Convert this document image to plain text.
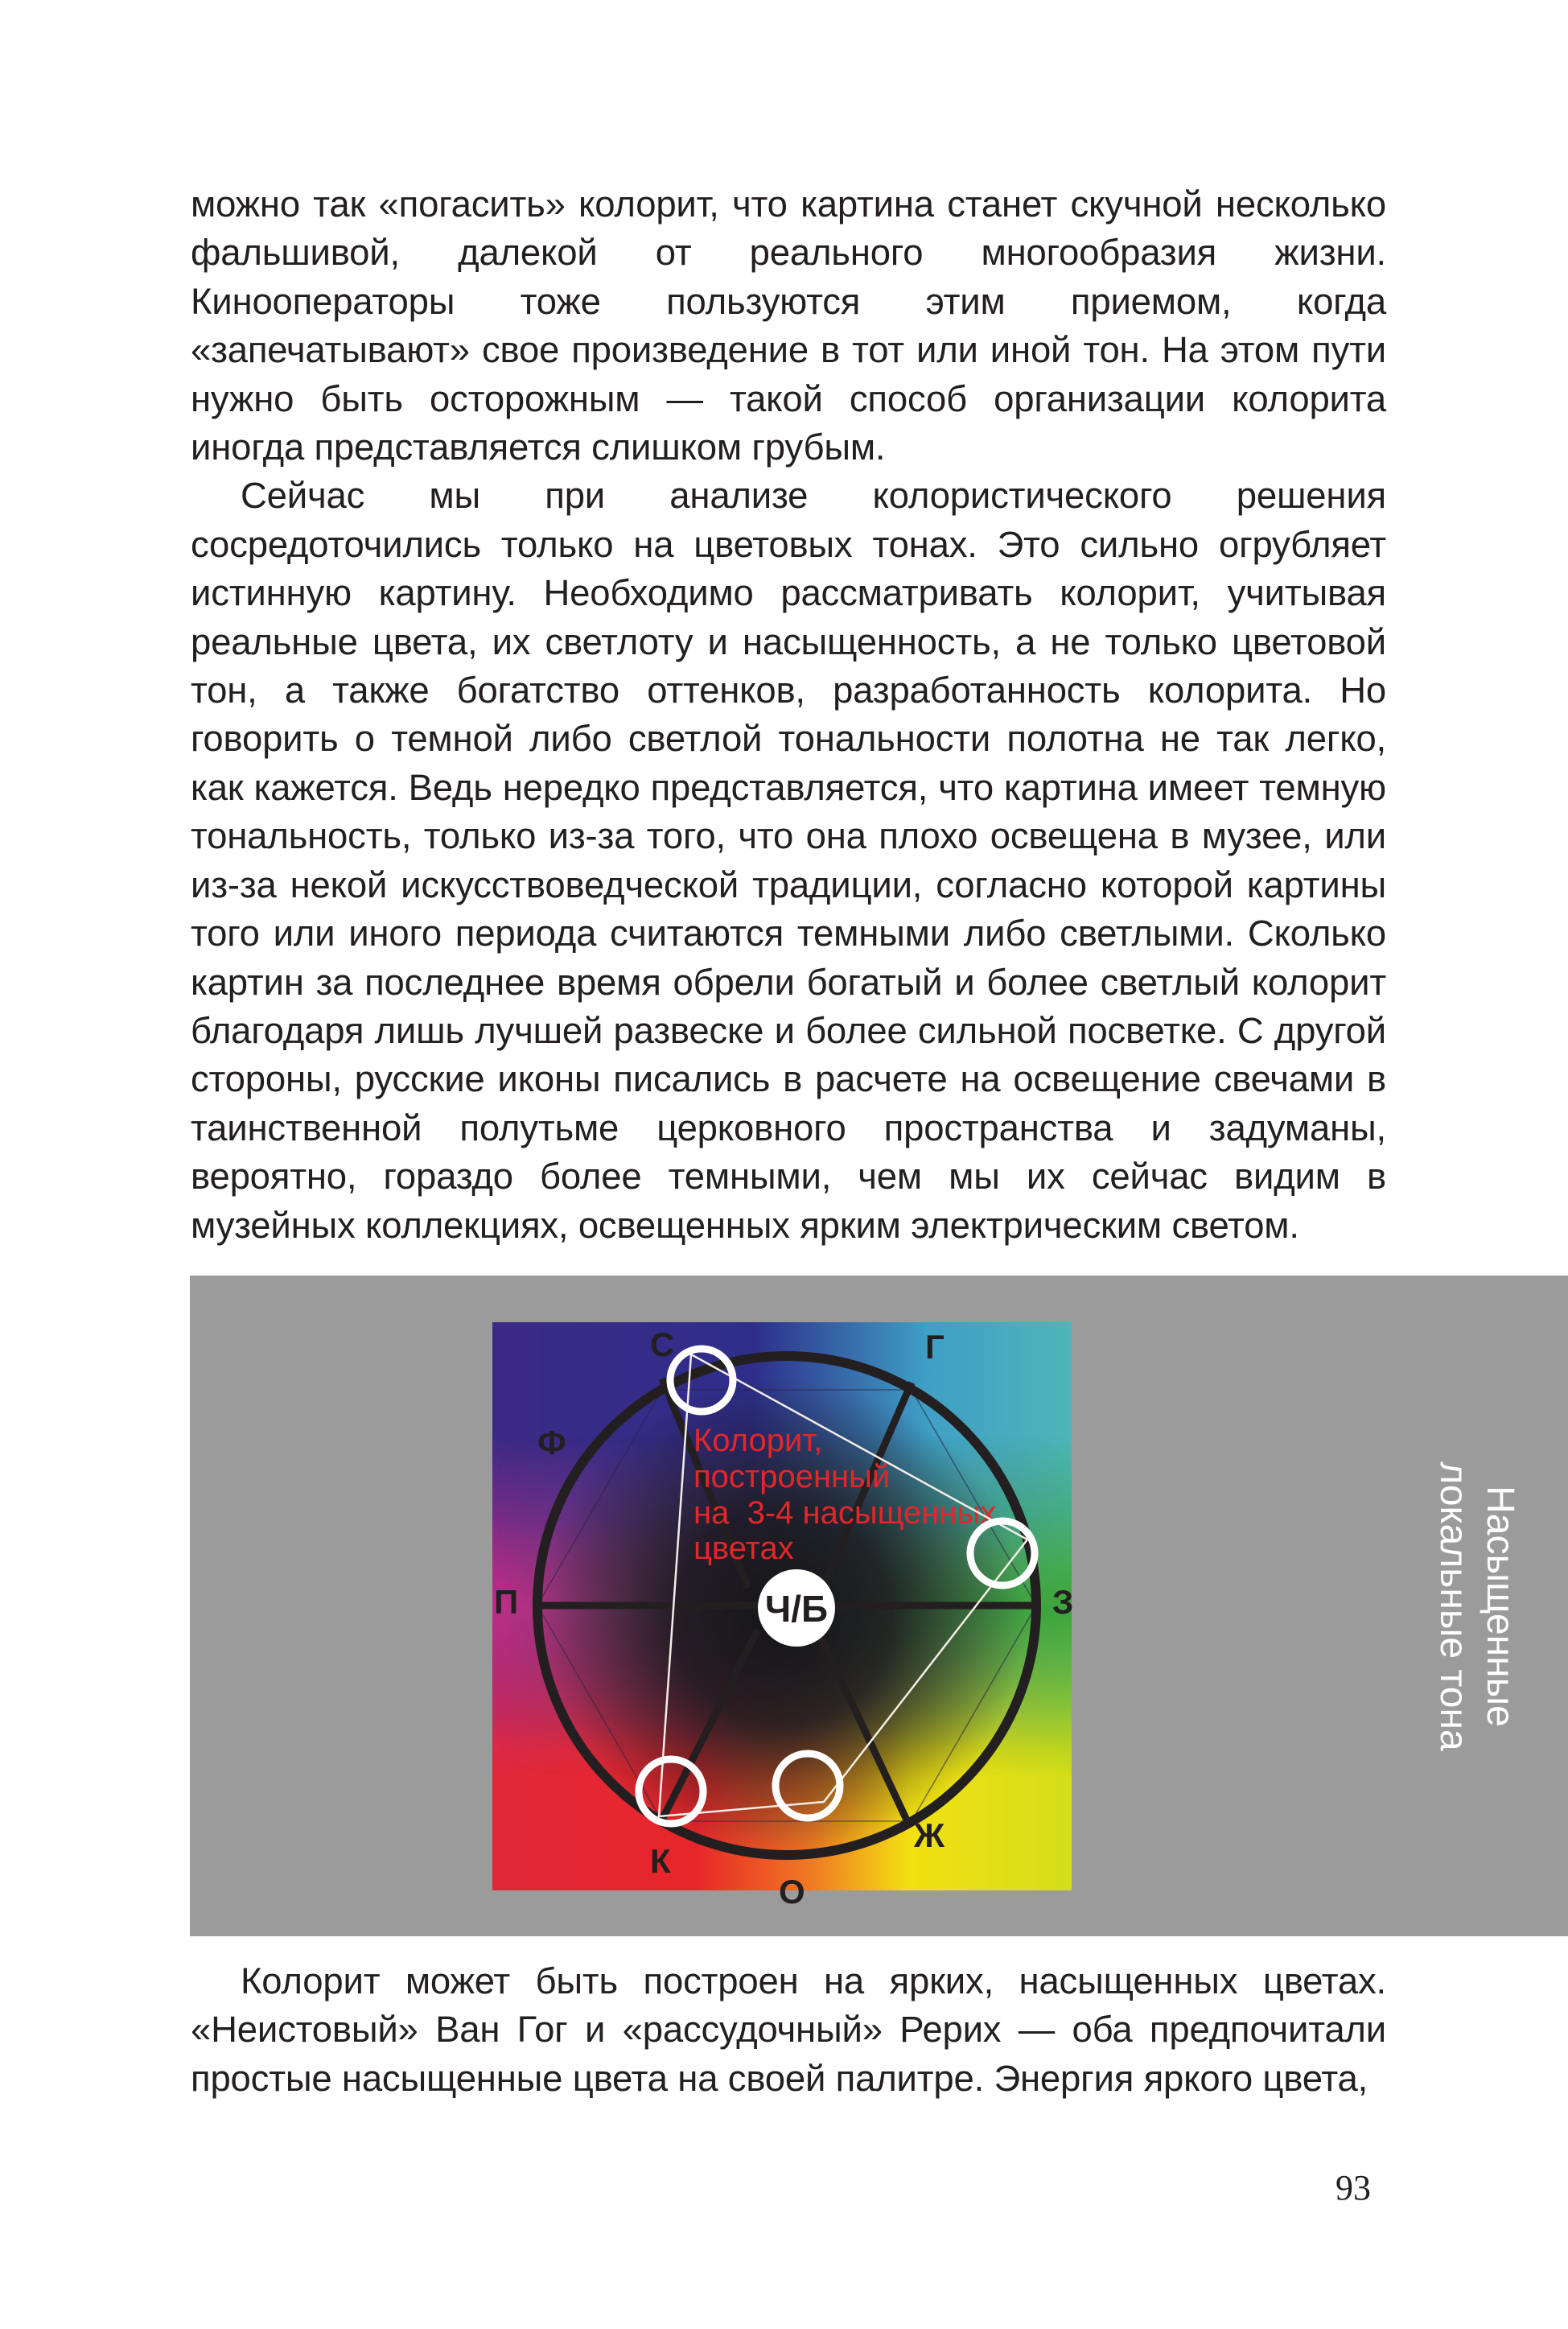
можно так «погасить» колорит, что картина станет скучной несколько фальшивой, далекой от реального многообразия жизни. Кинооператоры тоже пользуются этим приемом, когда «запечатывают» свое произведение в тот или иной тон. На этом пути нужно быть осторожным — такой способ организации колорита иногда представляется слишком грубым.

Сейчас мы при анализе колористического решения сосредоточились только на цветовых тонах. Это сильно огрубляет истинную картину. Необходимо рассматривать колорит, учитывая реальные цвета, их светлоту и насыщенность, а не только цветовой тон, а также богатство оттенков, разработанность колорита. Но говорить о темной либо светлой тональности полотна не так легко, как кажется. Ведь нередко представляется, что картина имеет темную тональность, только из-за того, что она плохо освещена в музее, или из-за некой искусствоведческой традиции, согласно которой картины того или иного периода считаются темными либо светлыми. Сколько картин за последнее время обрели богатый и более светлый колорит благодаря лишь лучшей развеске и более сильной посветке. С другой стороны, русские иконы писались в расчете на освещение свечами в таинственной полутьме церковного пространства и задуманы, вероятно, гораздо более темными, чем мы их сейчас видим в музейных коллекциях, освещенных ярким электрическим светом.

Ч/Б
Колорит,
построенный
на  3-4 насыщенных
цветах
С	Г
Ф
П	З
К
Ж
О
Насыщенные
локальные тона

Колорит может быть построен на ярких, насыщенных цветах. «Неистовый» Ван Гог и «рассудочный» Рерих — оба предпочитали простые насыщенные цвета на своей палитре. Энергия яркого цвета,

93
